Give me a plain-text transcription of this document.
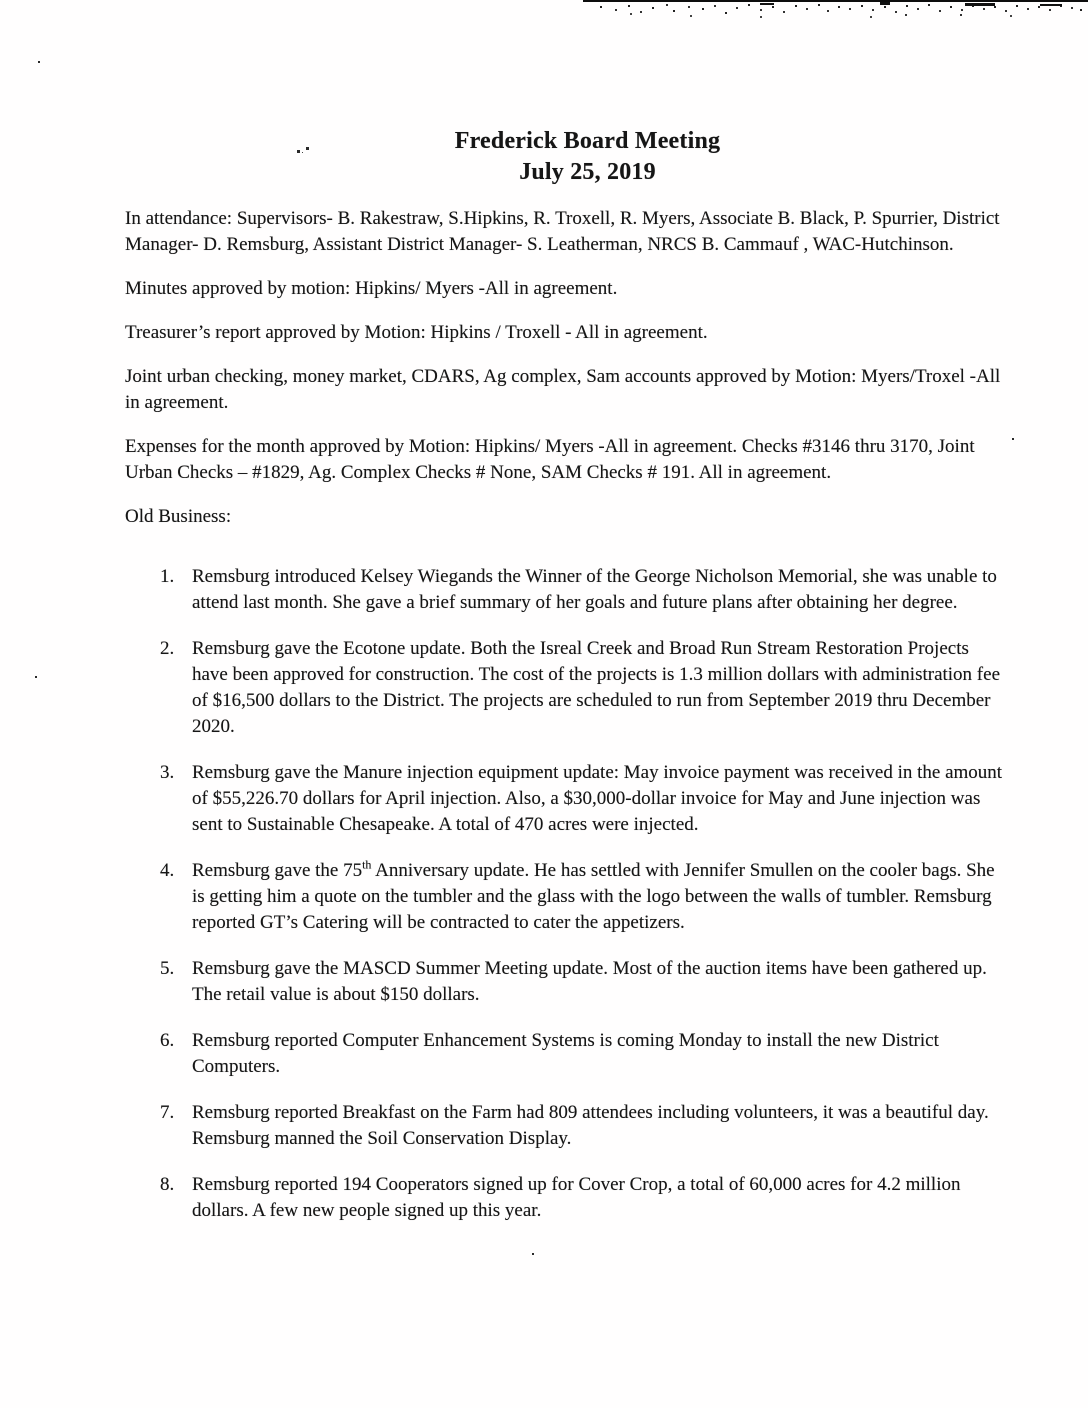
Frederick Board Meeting
July 25, 2019

In attendance: Supervisors- B. Rakestraw, S.Hipkins, R. Troxell, R. Myers, Associate B. Black, P. Spurrier, District Manager- D. Remsburg, Assistant District Manager- S. Leatherman, NRCS B. Cammauf , WAC-Hutchinson.

Minutes approved by motion: Hipkins/ Myers -All in agreement.

Treasurer’s report approved by Motion: Hipkins / Troxell - All in agreement.

Joint urban checking, money market, CDARS, Ag complex, Sam accounts approved by Motion: Myers/Troxel -All in agreement.

Expenses for the month approved by Motion: Hipkins/ Myers -All in agreement. Checks #3146 thru 3170, Joint Urban Checks – #1829, Ag. Complex Checks # None, SAM Checks # 191. All in agreement.

Old Business:

1. Remsburg introduced Kelsey Wiegands the Winner of the George Nicholson Memorial, she was unable to attend last month. She gave a brief summary of her goals and future plans after obtaining her degree.
2. Remsburg gave the Ecotone update. Both the Isreal Creek and Broad Run Stream Restoration Projects have been approved for construction. The cost of the projects is 1.3 million dollars with administration fee of $16,500 dollars to the District. The projects are scheduled to run from September 2019 thru December 2020.
3. Remsburg gave the Manure injection equipment update: May invoice payment was received in the amount of $55,226.70 dollars for April injection. Also, a $30,000-dollar invoice for May and June injection was sent to Sustainable Chesapeake. A total of 470 acres were injected.
4. Remsburg gave the 75th Anniversary update. He has settled with Jennifer Smullen on the cooler bags. She is getting him a quote on the tumbler and the glass with the logo between the walls of tumbler. Remsburg reported GT’s Catering will be contracted to cater the appetizers.
5. Remsburg gave the MASCD Summer Meeting update. Most of the auction items have been gathered up. The retail value is about $150 dollars.
6. Remsburg reported Computer Enhancement Systems is coming Monday to install the new District Computers.
7. Remsburg reported Breakfast on the Farm had 809 attendees including volunteers, it was a beautiful day. Remsburg manned the Soil Conservation Display.
8. Remsburg reported 194 Cooperators signed up for Cover Crop, a total of 60,000 acres for 4.2 million dollars. A few new people signed up this year.
